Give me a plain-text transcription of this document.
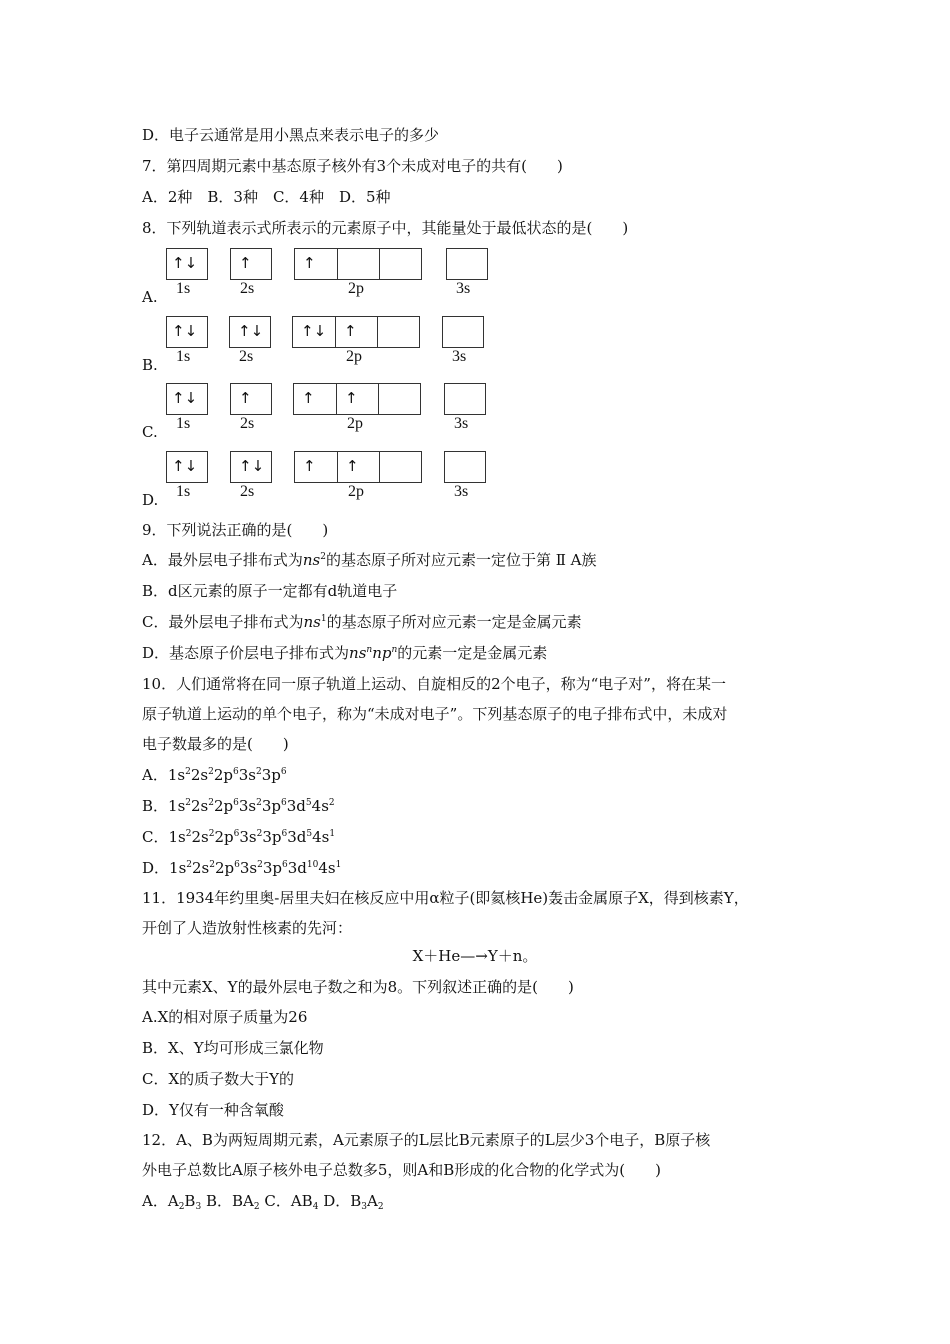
D．电子云通常是用小黑点来表示电子的多少
7．第四周期元素中基态原子核外有3个未成对电子的共有(　　)
A．2种　B．3种　C．4种　D．5种
8．下列轨道表示式所表示的元素原子中，其能量处于最低状态的是(　　)
A.
↑↓
1s
↑
2s
↑
2p	3s
B.
↑↓
1s
↑↓
2s
↑↓ ↑
2p	3s
C.
↑↓
1s
↑
2s
↑ ↑
2p	3s
D.
↑↓
1s
↑↓
2s
↑ ↑
2p	3s
9．下列说法正确的是(　　)
A．最外层电子排布式为$ns^2$的基态原子所对应元素一定位于第 Ⅱ A族
B．d区元素的原子一定都有d轨道电子
C．最外层电子排布式为$ns^1$的基态原子所对应元素一定是金属元素
D．基态原子价层电子排布式为$ns^nnp^n$的元素一定是金属元素
10．人们通常将在同一原子轨道上运动、自旋相反的2个电子，称为“电子对”，将在某一
原子轨道上运动的单个电子，称为“未成对电子”。下列基态原子的电子排布式中，未成对
电子数最多的是(　　)
A．$1s^22s^22p^63s^23p^6$
B．$1s^22s^22p^63s^23p^63d^54s^2$
C．$1s^22s^22p^63s^23p^63d^54s^1$
D．$1s^22s^22p^63s^23p^63d^{10}4s^1$
11．1934年约里奥-居里夫妇在核反应中用α粒子(即氦核He)轰击金属原子X，得到核素Y，
开创了人造放射性核素的先河：
X＋He—→Y＋n。
其中元素X、Y的最外层电子数之和为8。下列叙述正确的是(　　)
A.X的相对原子质量为26
B．X、Y均可形成三氯化物
C．X的质子数大于Y的
D．Y仅有一种含氧酸
12．A、B为两短周期元素，A元素原子的L层比B元素原子的L层少3个电子，B原子核
外电子总数比A原子核外电子总数多5，则A和B形成的化合物的化学式为(　　)
A．$A_2B_3$ B．$BA_2$ C．$AB_4$ D．$B_3A_2$
